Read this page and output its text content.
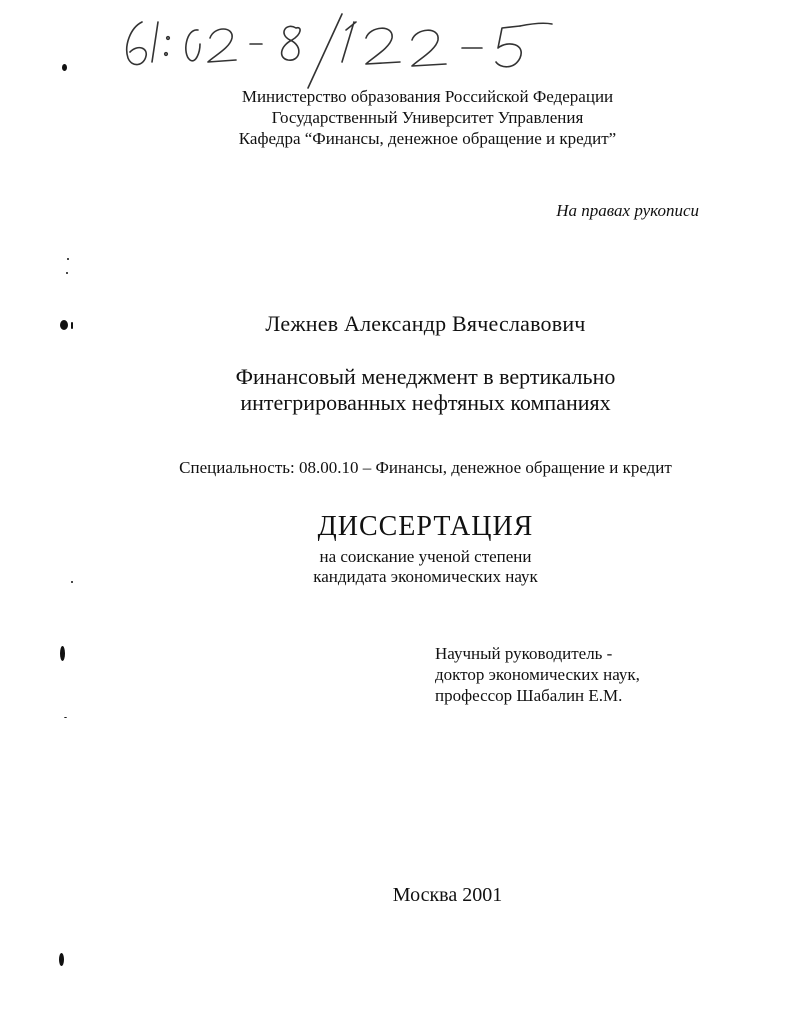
Министерство образования Российской Федерации
Государственный Университет Управления
Кафедра “Финансы, денежное обращение и кредит”
На правах рукописи
Лежнев Александр Вячеславович
Финансовый менеджмент в вертикально
интегрированных нефтяных компаниях
Специальность: 08.00.10 – Финансы, денежное обращение и кредит
ДИССЕРТАЦИЯ
на соискание ученой степени
кандидата экономических наук
Научный руководитель -
доктор экономических наук,
профессор Шабалин Е.М.
Москва 2001
